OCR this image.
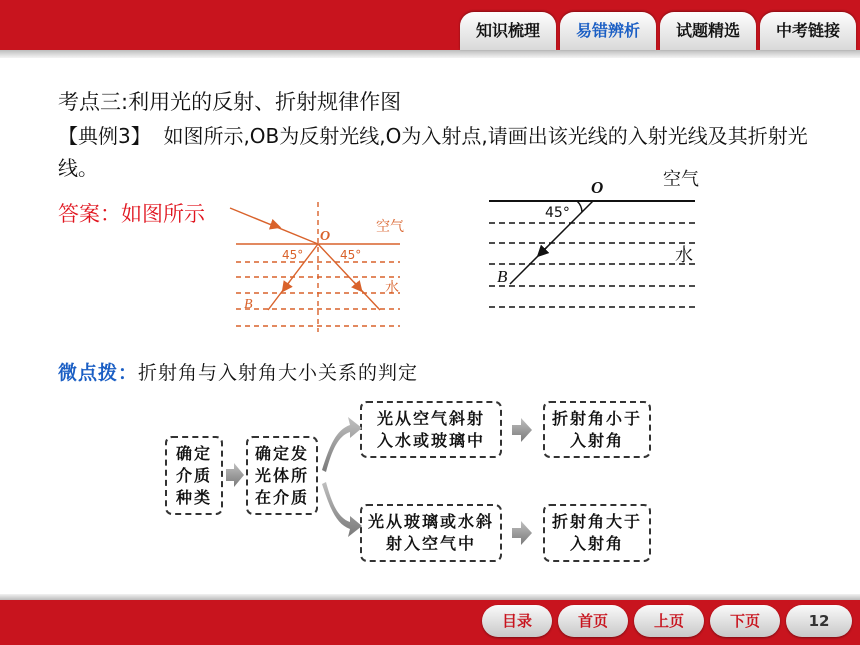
知识梳理	易错辨析	试题精选	中考链接
考点三:利用光的反射、折射规律作图
【典例3】 如图所示,OB为反射光线,O为入射点,请画出该光线的入射光线及其折射光线。
答案：如图所示
O
45°	45°
B
空气
水
O
45°
B
空气
水
微点拨：折射角与入射角大小关系的判定
确定
介质
种类
确定发
光体所
在介质
光从空气斜射
入水或玻璃中
折射角小于
入射角
光从玻璃或水斜
射入空气中
折射角大于
入射角
目录	首页	上页	下页	12
